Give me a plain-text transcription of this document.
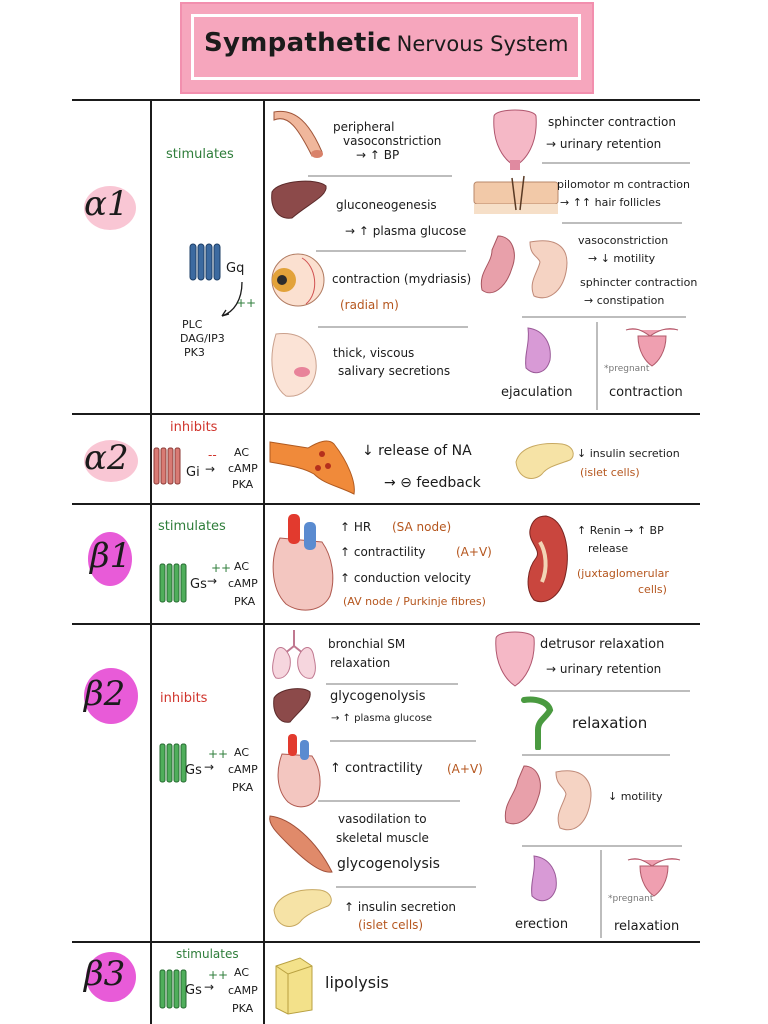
Sympathetic Nervous System
α1
stimulates
Gq
++
PLC
DAG/IP3
PK3
peripheral
vasoconstriction
→ ↑ BP
gluconeogenesis
→ ↑ plasma glucose
contraction (mydriasis)
(radial m)
thick, viscous
salivary secretions
sphincter contraction
→ urinary retention
pilomotor m contraction
→ ↑↑ hair follicles
vasoconstriction
→ ↓ motility
sphincter contraction
→ constipation
ejaculation
*pregnant
contraction
α2
inhibits
Gi
--
→
AC
cAMP
PKA
↓ release of NA
→ ⊖ feedback
↓ insulin secretion
(islet cells)
β1
stimulates
Gs
++
→
AC
cAMP
PKA
↑ HR (SA node)
↑ contractility	(A+V)
↑ conduction velocity
(AV node / Purkinje fibres)
↑ Renin → ↑ BP
release
(juxtaglomerular
cells)
β2	inhibits
Gs
++
→
AC
cAMP
PKA
bronchial SM
relaxation
glycogenolysis
→ ↑ plasma glucose
↑ contractility (A+V)
vasodilation to
skeletal muscle
glycogenolysis
↑ insulin secretion
(islet cells)
detrusor relaxation
→ urinary retention
relaxation
↓ motility
erection
*pregnant
relaxation
β3	stimulates
Gs
++
→
AC
cAMP
PKA
lipolysis
